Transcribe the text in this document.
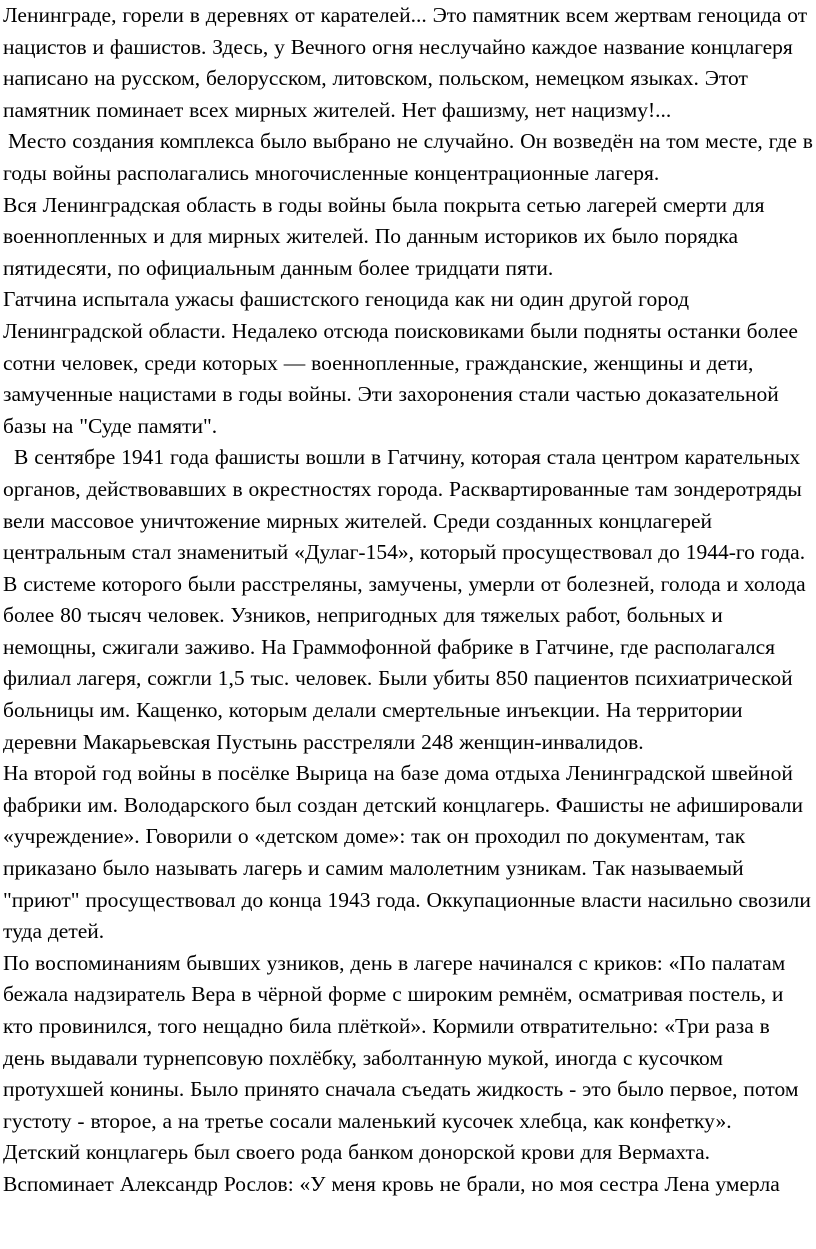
Ленинграде, горели в деревнях от карателей... Это памятник всем жертвам геноцида от нацистов и фашистов. Здесь, у Вечного огня неслучайно каждое название концлагеря написано на русском, белорусском, литовском, польском, немецком языках. Этот памятник поминает всех мирных жителей. Нет фашизму, нет нацизму!...

Место создания комплекса было выбрано не случайно. Он возведён на том месте, где в годы войны располагались многочисленные концентрационные лагеря.

Вся Ленинградская область в годы войны была покрыта сетью лагерей смерти для военнопленных и для мирных жителей. По данным историков их было порядка пятидесяти, по официальным данным более тридцати пяти.

Гатчина испытала ужасы фашистского геноцида как ни один другой город Ленинградской области. Недалеко отсюда поисковиками были подняты останки более сотни человек, среди которых — военнопленные, гражданские, женщины и дети, замученные нацистами в годы войны. Эти захоронения стали частью доказательной базы на "Суде памяти".

В сентябре 1941 года фашисты вошли в Гатчину, которая стала центром карательных органов, действовавших в окрестностях города. Расквартированные там зондеротряды вели массовое уничтожение мирных жителей. Среди созданных концлагерей центральным стал знаменитый «Дулаг-154», который просуществовал до 1944-го года. В системе которого были расстреляны, замучены, умерли от болезней, голода и холода более 80 тысяч человек. Узников, непригодных для тяжелых работ, больных и немощны, сжигали заживо. На Граммофонной фабрике в Гатчине, где располагался филиал лагеря, сожгли 1,5 тыс. человек. Были убиты 850 пациентов психиатрической больницы им. Кащенко, которым делали смертельные инъекции. На территории деревни Макарьевская Пустынь расстреляли 248 женщин-инвалидов.

На второй год войны в посёлке Вырица на базе дома отдыха Ленинградской швейной фабрики им. Володарского был создан детский концлагерь. Фашисты не афишировали «учреждение». Говорили о «детском доме»: так он проходил по документам, так приказано было называть лагерь и самим малолетним узникам. Так называемый "приют" просуществовал до конца 1943 года. Оккупационные власти насильно свозили туда детей.

По воспоминаниям бывших узников, день в лагере начинался с криков: «По палатам бежала надзиратель Вера в чёрной форме с широким ремнём, осматривая постель, и кто провинился, того нещадно била плёткой». Кормили отвратительно: «Три раза в день выдавали турнепсовую похлёбку, заболтанную мукой, иногда с кусочком протухшей конины. Было принято сначала съедать жидкость - это было первое, потом густоту - второе, а на третье сосали маленький кусочек хлебца, как конфетку».

Детский концлагерь был своего рода банком донорской крови для Вермахта. Вспоминает Александр Рослов: «У меня кровь не брали, но моя сестра Лена умерла
